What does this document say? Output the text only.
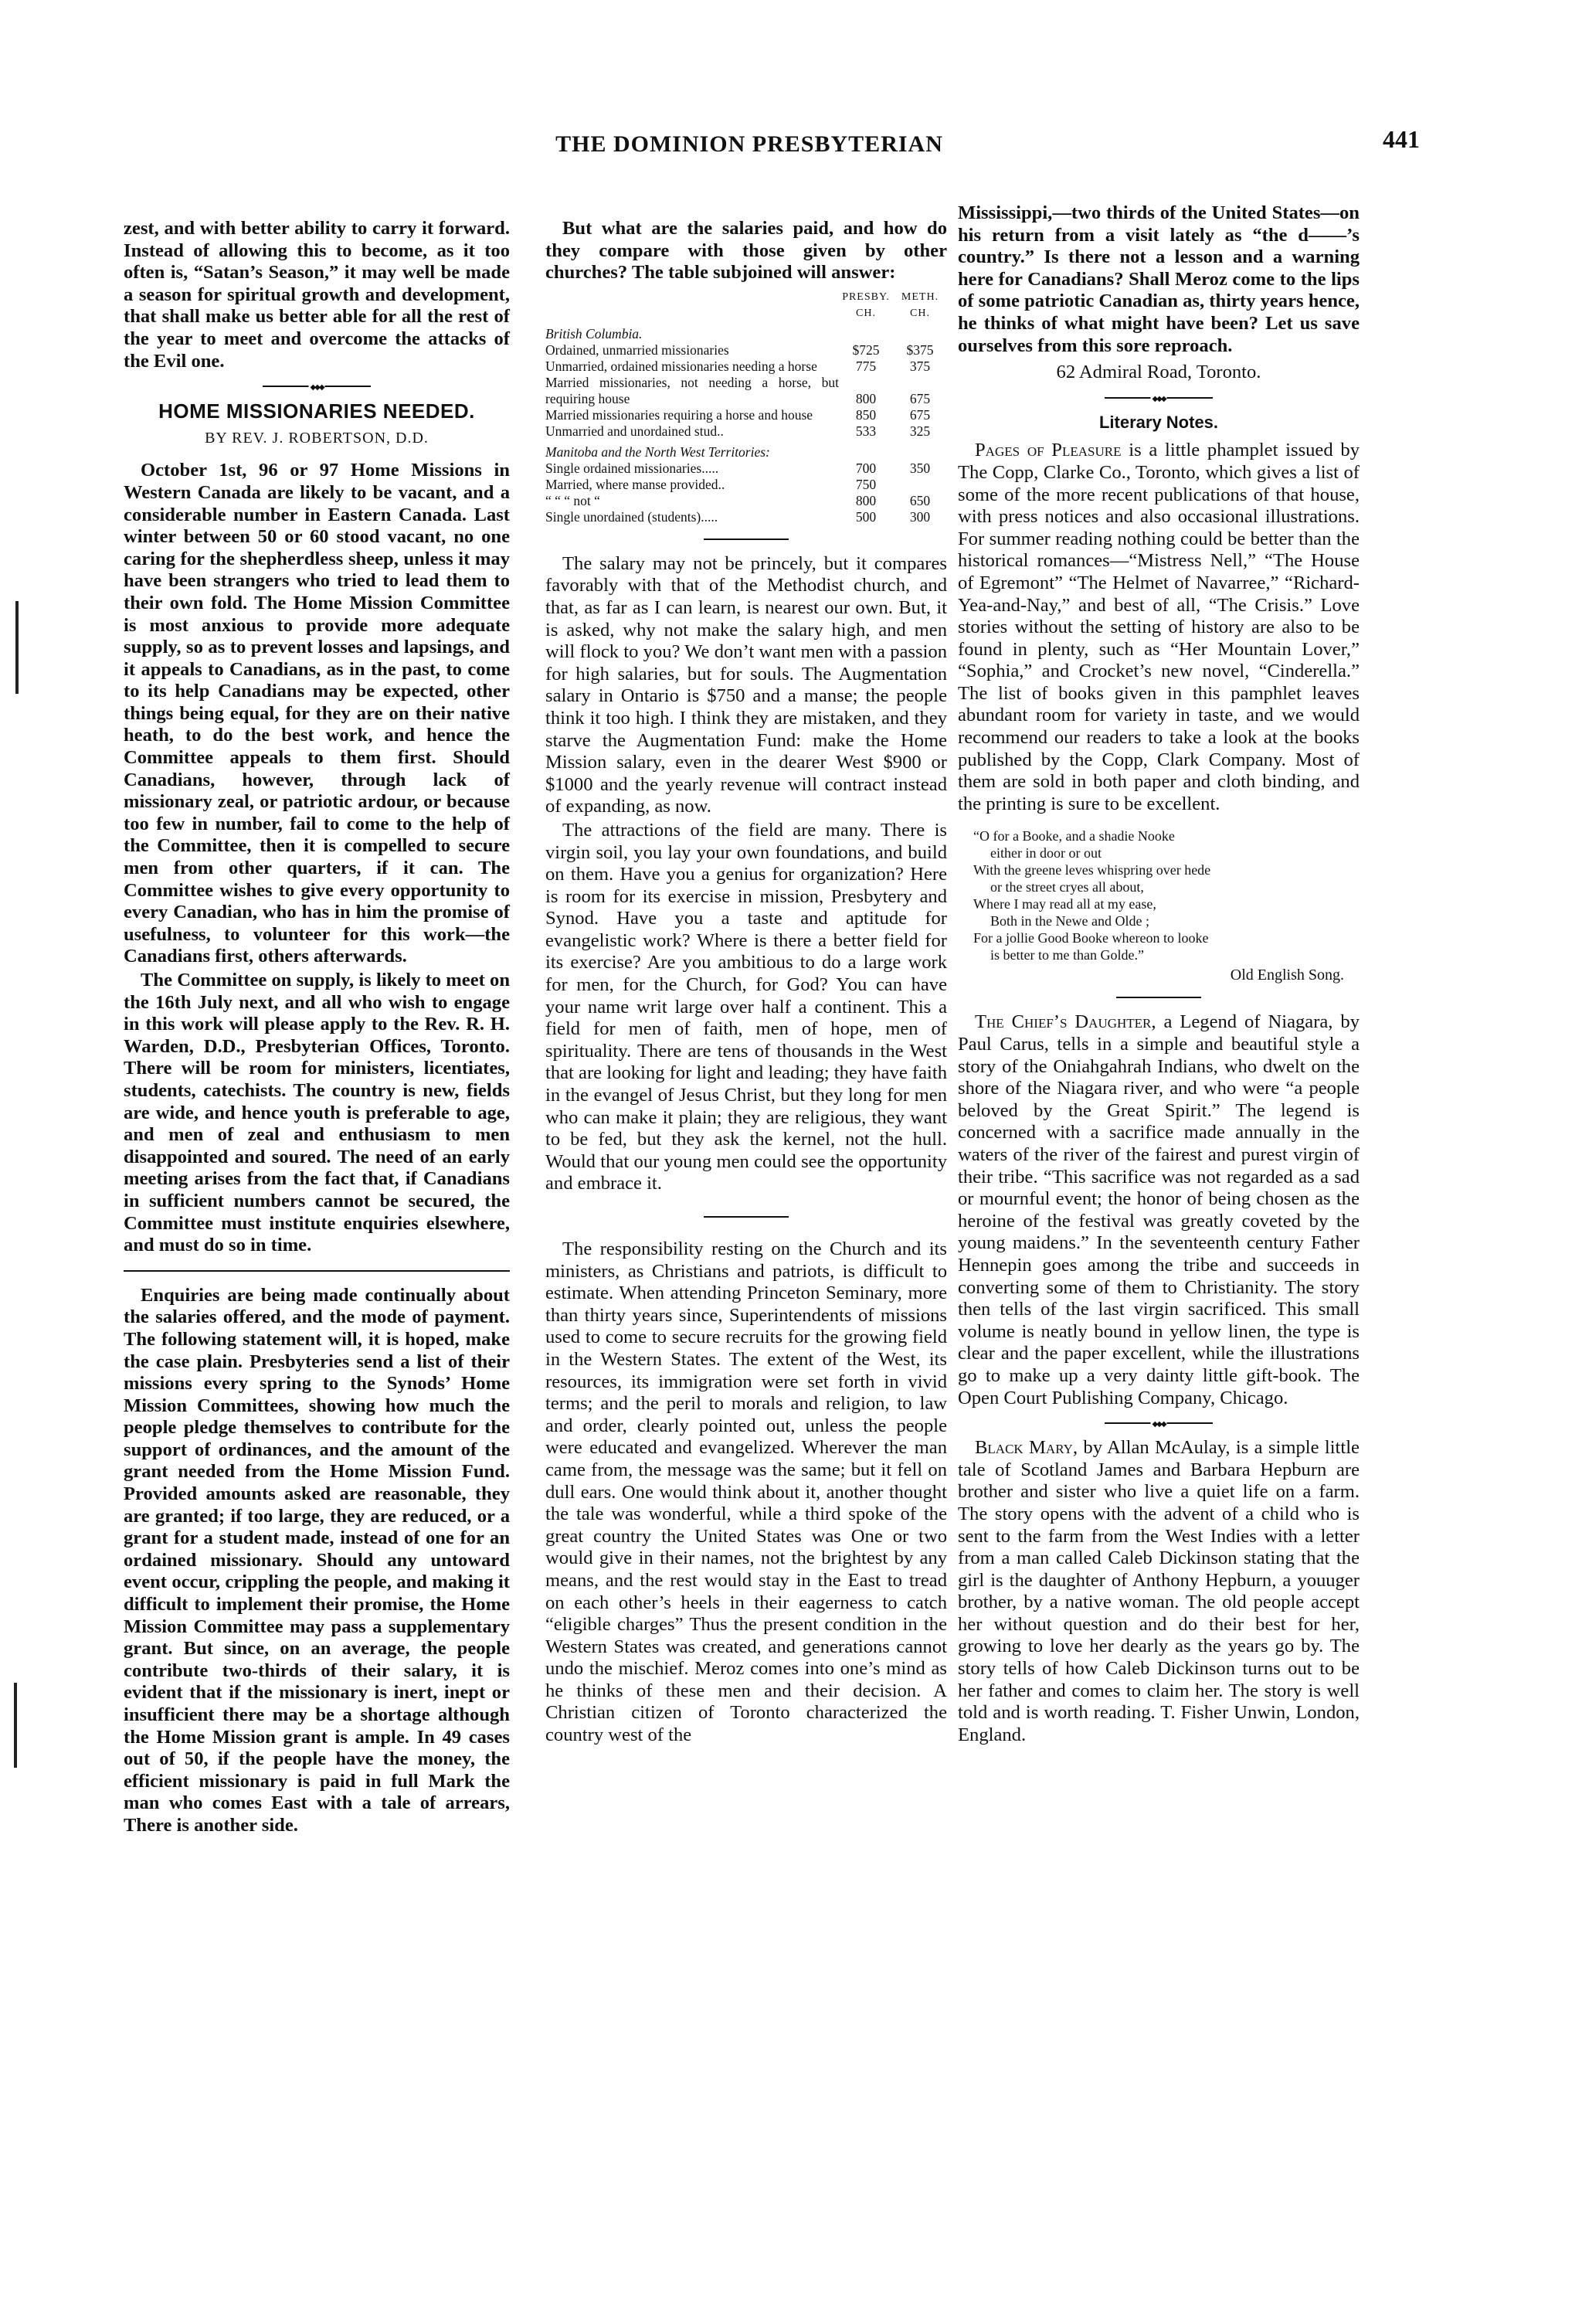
THE DOMINION PRESBYTERIAN	441

zest, and with better ability to carry it forward. Instead of allowing this to become, as it too often is, “Satan’s Season,” it may well be made a season for spiritual growth and development, that shall make us better able for all the rest of the year to meet and overcome the attacks of the Evil one.

◆◆◆
HOME MISSIONARIES NEEDED.
BY REV. J. ROBERTSON, D.D.

October 1st, 96 or 97 Home Missions in Western Canada are likely to be vacant, and a considerable number in Eastern Canada. Last winter between 50 or 60 stood vacant, no one caring for the shepherdless sheep, unless it may have been strangers who tried to lead them to their own fold. The Home Mission Committee is most anxious to provide more adequate supply, so as to prevent losses and lapsings, and it appeals to Canadians, as in the past, to come to its help Canadians may be expected, other things being equal, for they are on their native heath, to do the best work, and hence the Committee appeals to them first. Should Canadians, however, through lack of missionary zeal, or patriotic ardour, or because too few in number, fail to come to the help of the Committee, then it is compelled to secure men from other quarters, if it can. The Committee wishes to give every opportunity to every Canadian, who has in him the promise of usefulness, to volunteer for this work—the Canadians first, others afterwards.

The Committee on supply, is likely to meet on the 16th July next, and all who wish to engage in this work will please apply to the Rev. R. H. Warden, D.D., Presbyterian Offices, Toronto. There will be room for ministers, licentiates, students, catechists. The country is new, fields are wide, and hence youth is preferable to age, and men of zeal and enthusiasm to men disappointed and soured. The need of an early meeting arises from the fact that, if Canadians in sufficient numbers cannot be secured, the Committee must institute enquiries elsewhere, and must do so in time.

Enquiries are being made continually about the salaries offered, and the mode of payment. The following statement will, it is hoped, make the case plain. Presbyteries send a list of their missions every spring to the Synods’ Home Mission Committees, showing how much the people pledge themselves to contribute for the support of ordinances, and the amount of the grant needed from the Home Mission Fund. Provided amounts asked are reasonable, they are granted; if too large, they are reduced, or a grant for a student made, instead of one for an ordained missionary. Should any untoward event occur, crippling the people, and making it difficult to implement their promise, the Home Mission Committee may pass a supplementary grant. But since, on an average, the people contribute two-thirds of their salary, it is evident that if the missionary is inert, inept or insufficient there may be a shortage although the Home Mission grant is ample. In 49 cases out of 50, if the people have the money, the efficient missionary is paid in full Mark the man who comes East with a tale of arrears, There is another side.

But what are the salaries paid, and how do they compare with those given by other churches? The table subjoined will answer:

	PRESBY. CH.	METH. CH.
British Columbia.		
Ordained, unmarried missionaries	$725	$375
Unmarried, ordained missionaries needing a horse	775	375
Married missionaries, not needing a horse, but requiring house	800	675
Married missionaries requiring a horse and house	850	675
Unmarried and unordained stud..	533	325
Manitoba and the North West Territories:		
Single ordained missionaries.....	700	350
Married, where manse provided..	750	
“ “ “ not “	800	650
Single unordained (students).....	500	300

The salary may not be princely, but it compares favorably with that of the Methodist church, and that, as far as I can learn, is nearest our own. But, it is asked, why not make the salary high, and men will flock to you? We don’t want men with a passion for high salaries, but for souls. The Augmentation salary in Ontario is $750 and a manse; the people think it too high. I think they are mistaken, and they starve the Augmentation Fund: make the Home Mission salary, even in the dearer West $900 or $1000 and the yearly revenue will contract instead of expanding, as now.

The attractions of the field are many. There is virgin soil, you lay your own foundations, and build on them. Have you a genius for organization? Here is room for its exercise in mission, Presbytery and Synod. Have you a taste and aptitude for evangelistic work? Where is there a better field for its exercise? Are you ambitious to do a large work for men, for the Church, for God? You can have your name writ large over half a continent. This a field for men of faith, men of hope, men of spirituality. There are tens of thousands in the West that are looking for light and leading; they have faith in the evangel of Jesus Christ, but they long for men who can make it plain; they are religious, they want to be fed, but they ask the kernel, not the hull. Would that our young men could see the opportunity and embrace it.

The responsibility resting on the Church and its ministers, as Christians and patriots, is difficult to estimate. When attending Princeton Seminary, more than thirty years since, Superintendents of missions used to come to secure recruits for the growing field in the Western States. The extent of the West, its resources, its immigration were set forth in vivid terms; and the peril to morals and religion, to law and order, clearly pointed out, unless the people were educated and evangelized. Wherever the man came from, the message was the same; but it fell on dull ears. One would think about it, another thought the tale was wonderful, while a third spoke of the great country the United States was One or two would give in their names, not the brightest by any means, and the rest would stay in the East to tread on each other’s heels in their eagerness to catch “eligible charges” Thus the present condition in the Western States was created, and generations cannot undo the mischief. Meroz comes into one’s mind as he thinks of these men and their decision. A Christian citizen of Toronto characterized the country west of the

Mississippi,—two thirds of the United States—on his return from a visit lately as “the d——’s country.” Is there not a lesson and a warning here for Canadians? Shall Meroz come to the lips of some patriotic Canadian as, thirty years hence, he thinks of what might have been? Let us save ourselves from this sore reproach.

62 Admiral Road, Toronto.
◆◆◆
Literary Notes.

Pages of Pleasure is a little phamplet issued by The Copp, Clarke Co., Toronto, which gives a list of some of the more recent publications of that house, with press notices and also occasional illustrations. For summer reading nothing could be better than the historical romances—“Mistress Nell,” “The House of Egremont” “The Helmet of Navarree,” “Richard-Yea-and-Nay,” and best of all, “The Crisis.” Love stories without the setting of history are also to be found in plenty, such as “Her Mountain Lover,” “Sophia,” and Crocket’s new novel, “Cinderella.” The list of books given in this pamphlet leaves abundant room for variety in taste, and we would recommend our readers to take a look at the books published by the Copp, Clark Company. Most of them are sold in both paper and cloth binding, and the printing is sure to be excellent.

“O for a Booke, and a shadie Nooke
either in door or out
With the greene leves whispring over hede
or the street cryes all about,
Where I may read all at my ease,
Both in the Newe and Olde ;
For a jollie Good Booke whereon to looke
is better to me than Golde.”
Old English Song.

The Chief’s Daughter, a Legend of Niagara, by Paul Carus, tells in a simple and beautiful style a story of the Oniahgahrah Indians, who dwelt on the shore of the Niagara river, and who were “a people beloved by the Great Spirit.” The legend is concerned with a sacrifice made annually in the waters of the river of the fairest and purest virgin of their tribe. “This sacrifice was not regarded as a sad or mournful event; the honor of being chosen as the heroine of the festival was greatly coveted by the young maidens.” In the seventeenth century Father Hennepin goes among the tribe and succeeds in converting some of them to Christianity. The story then tells of the last virgin sacrificed. This small volume is neatly bound in yellow linen, the type is clear and the paper excellent, while the illustrations go to make up a very dainty little gift-book. The Open Court Publishing Company, Chicago.

◆◆◆

Black Mary, by Allan McAulay, is a simple little tale of Scotland James and Barbara Hepburn are brother and sister who live a quiet life on a farm. The story opens with the advent of a child who is sent to the farm from the West Indies with a letter from a man called Caleb Dickinson stating that the girl is the daughter of Anthony Hepburn, a youuger brother, by a native woman. The old people accept her without question and do their best for her, growing to love her dearly as the years go by. The story tells of how Caleb Dickinson turns out to be her father and comes to claim her. The story is well told and is worth reading. T. Fisher Unwin, London, England.
